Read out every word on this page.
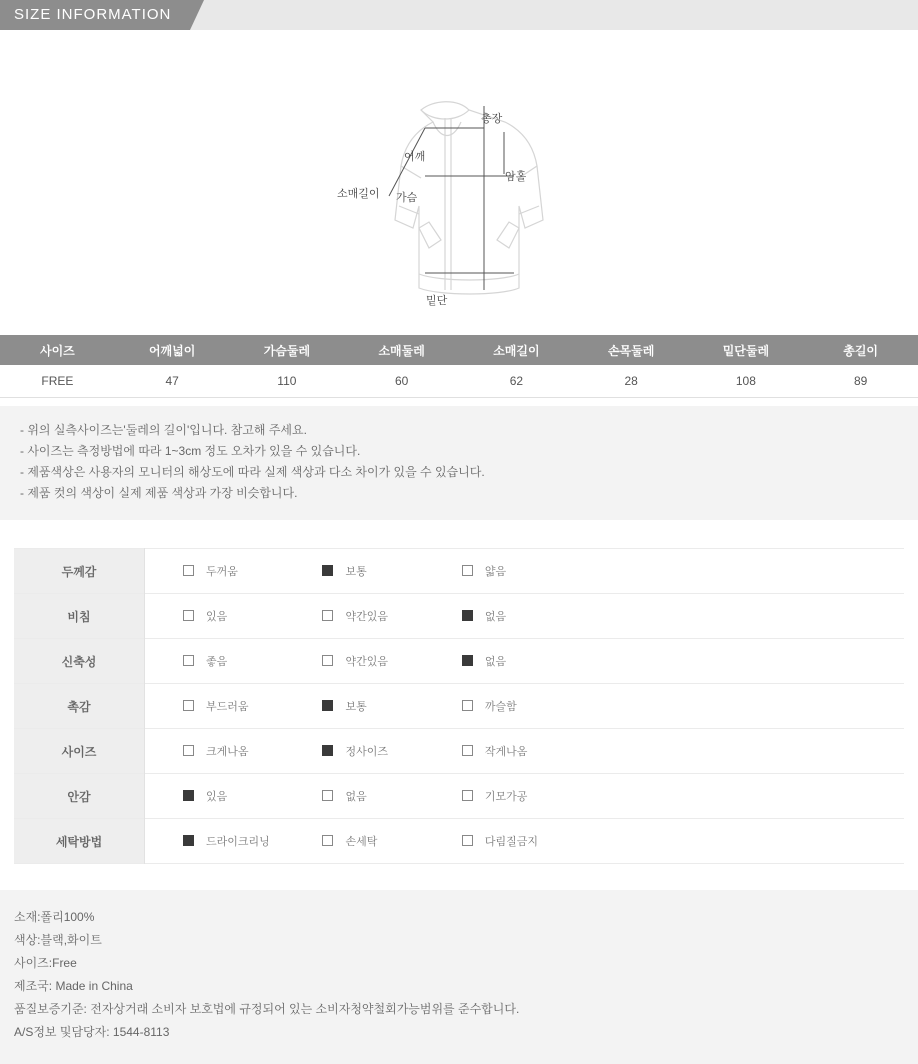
SIZE INFORMATION
총장
어깨
암홀
소매길이 가슴
밑단
사이즈	어깨넓이	가슴둘레	소매둘레	소매길이	손목둘레	밑단둘레	총길이
FREE	47	110	60	62	28	108	89
- 위의 실측사이즈는'둘레의 길이'입니다. 참고해 주세요.
- 사이즈는 측정방법에 따라 1~3cm 정도 오차가 있을 수 있습니다.
- 제품색상은 사용자의 모니터의 해상도에 따라 실제 색상과 다소 차이가 있을 수 있습니다.
- 제품 컷의 색상이 실제 제품 색상과 가장 비슷합니다.
두께감	두꺼움 보통 얇음
비침	있음 약간있음 없음
신축성	좋음 약간있음 없음
촉감	부드러움 보통 까슬함
사이즈	크게나옴 정사이즈 작게나옴
안감	있음 없음 기모가공
세탁방법	드라이크리닝 손세탁 다림질금지
소재:폴리100%
색상:블랙,화이트
사이즈:Free
제조국: Made in China
품질보증기준: 전자상거래 소비자 보호법에 규정되어 있는 소비자청약철회가능범위를 준수합니다.
A/S정보 및담당자: 1544-8113
